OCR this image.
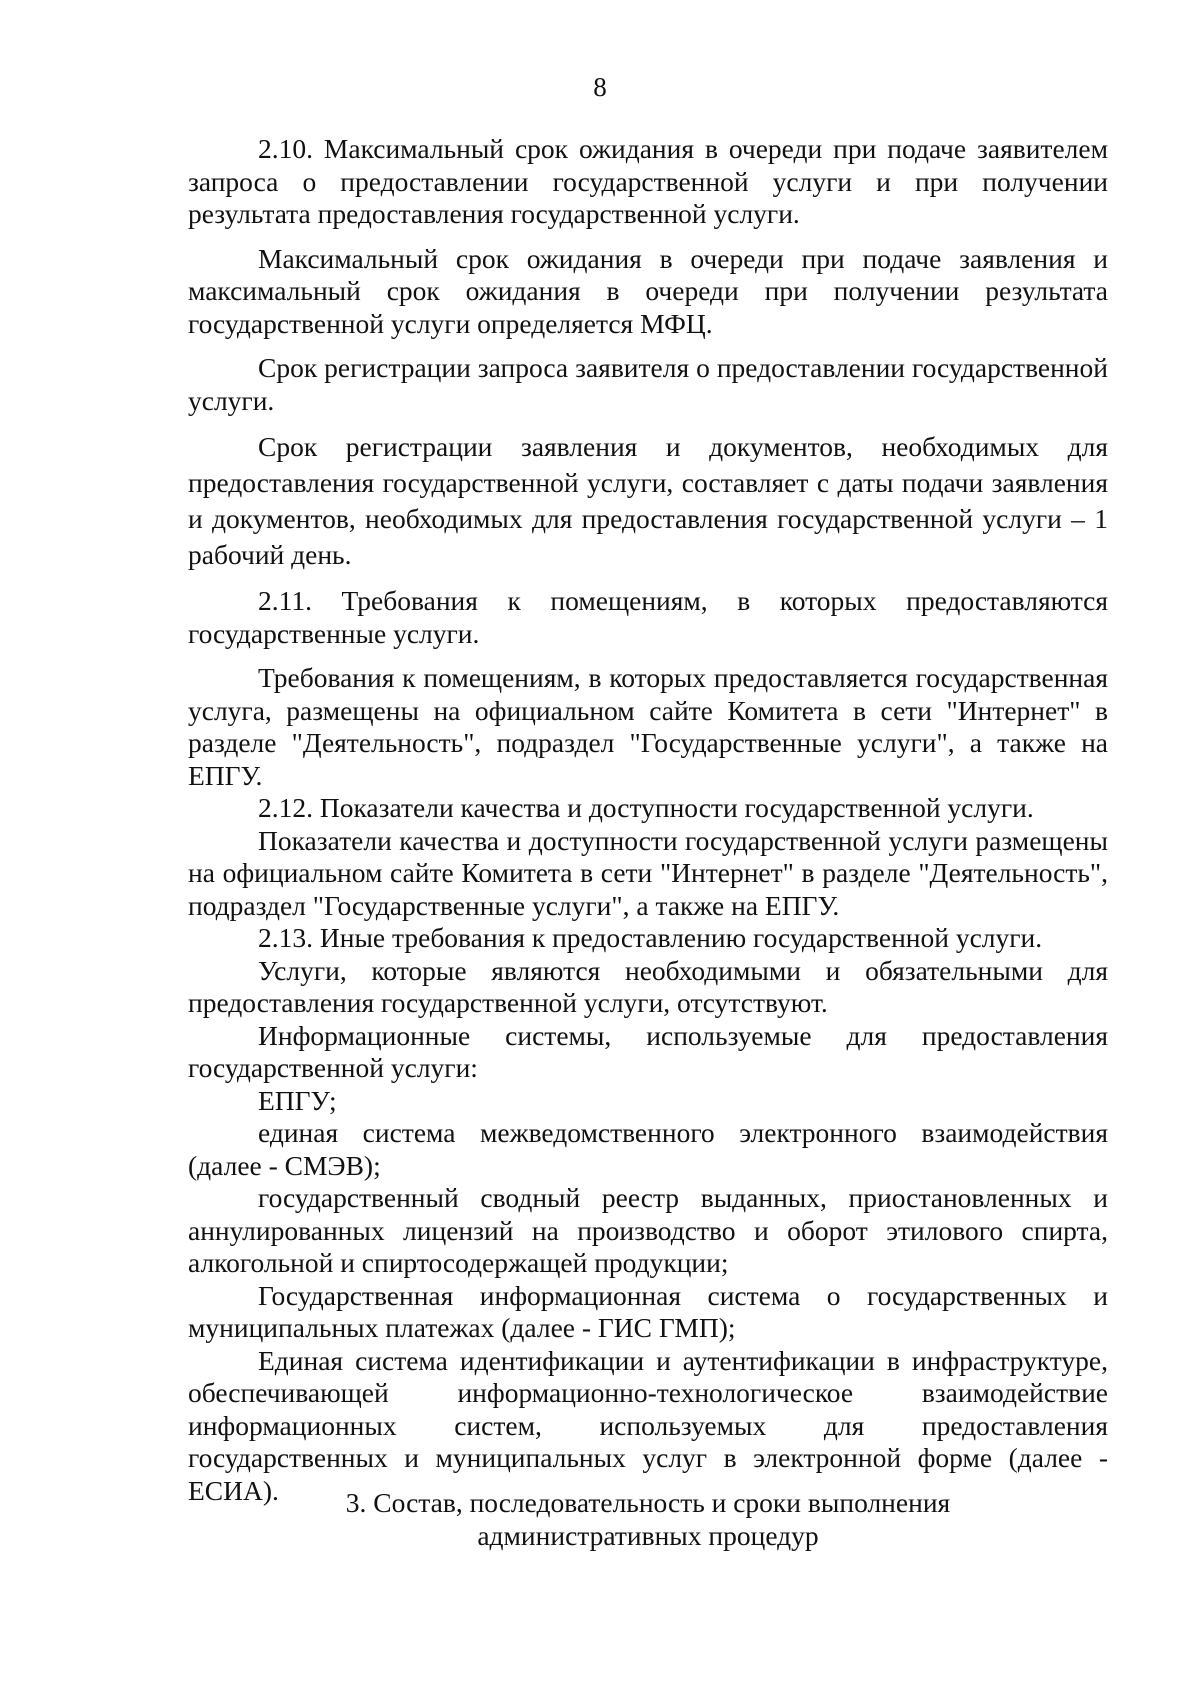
8

2.10. Максимальный срок ожидания в очереди при подаче заявителем запроса о предоставлении государственной услуги и при получении результата предоставления государственной услуги.

Максимальный срок ожидания в очереди при подаче заявления и максимальный срок ожидания в очереди при получении результата государственной услуги определяется МФЦ.

Срок регистрации запроса заявителя о предоставлении государственной услуги.

Срок регистрации заявления и документов, необходимых для предоставления государственной услуги, составляет с даты подачи заявления и документов, необходимых для предоставления государственной услуги – 1 рабочий день.

2.11. Требования к помещениям, в которых предоставляются государственные услуги.

Требования к помещениям, в которых предоставляется государственная услуга, размещены на официальном сайте Комитета в сети "Интернет" в разделе "Деятельность", подраздел "Государственные услуги", а также на ЕПГУ.

2.12. Показатели качества и доступности государственной услуги.

Показатели качества и доступности государственной услуги размещены на официальном сайте Комитета в сети "Интернет" в разделе "Деятельность", подраздел "Государственные услуги", а также на ЕПГУ.

2.13. Иные требования к предоставлению государственной услуги.

Услуги, которые являются необходимыми и обязательными для предоставления государственной услуги, отсутствуют.

Информационные системы, используемые для предоставления государственной услуги:

ЕПГУ;

единая система межведомственного электронного взаимодействия (далее - СМЭВ);

государственный сводный реестр выданных, приостановленных и аннулированных лицензий на производство и оборот этилового спирта, алкогольной и спиртосодержащей продукции;

Государственная информационная система о государственных и муниципальных платежах (далее - ГИС ГМП);

Единая система идентификации и аутентификации в инфраструктуре, обеспечивающей информационно-технологическое взаимодействие информационных систем, используемых для предоставления государственных и муниципальных услуг в электронной форме (далее - ЕСИА).	3. Состав, последовательность и сроки выполнения
административных процедур
